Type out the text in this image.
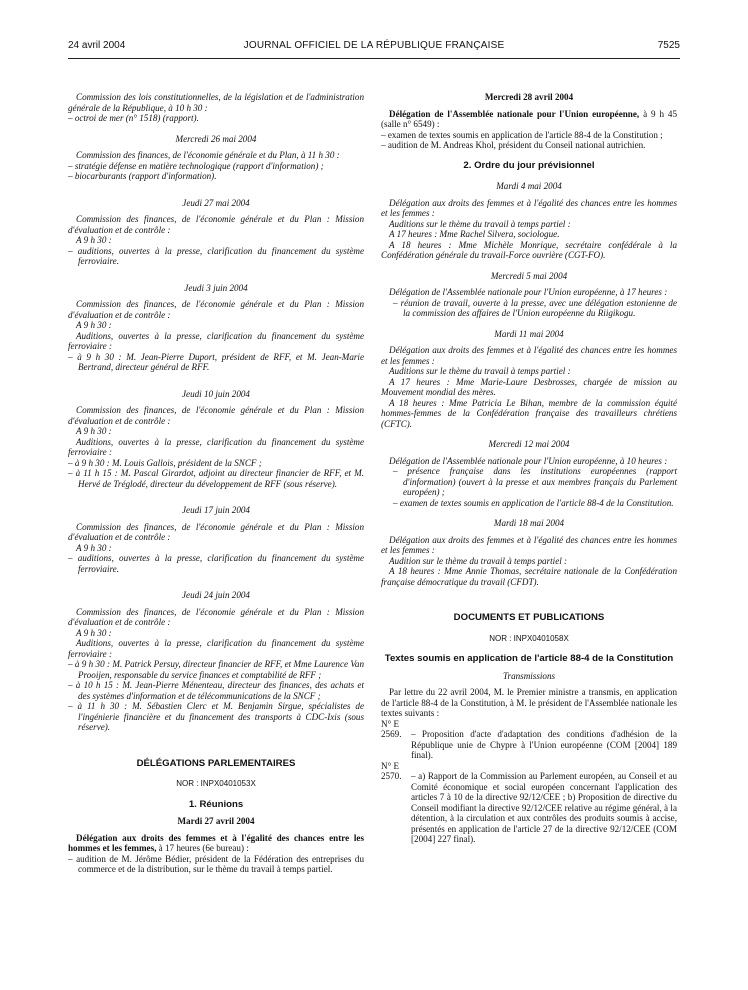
24 avril 2004	JOURNAL OFFICIEL DE LA RÉPUBLIQUE FRANÇAISE	7525

Commission des lois constitutionnelles, de la législation et de l'administration générale de la République, à 10 h 30 :

– octroi de mer (n° 1518) (rapport).

Mercredi 26 mai 2004

Commission des finances, de l'économie générale et du Plan, à 11 h 30 :

– stratégie défense en matière technologique (rapport d'information) ;

– biocarburants (rapport d'information).

Jeudi 27 mai 2004

Commission des finances, de l'économie générale et du Plan : Mission d'évaluation et de contrôle :

A 9 h 30 :

– auditions, ouvertes à la presse, clarification du financement du système ferroviaire.

Jeudi 3 juin 2004

Commission des finances, de l'économie générale et du Plan : Mission d'évaluation et de contrôle :

A 9 h 30 :

Auditions, ouvertes à la presse, clarification du financement du système ferroviaire :

– à 9 h 30 : M. Jean-Pierre Duport, président de RFF, et M. Jean-Marie Bertrand, directeur général de RFF.

Jeudi 10 juin 2004

Commission des finances, de l'économie générale et du Plan : Mission d'évaluation et de contrôle :

A 9 h 30 :

Auditions, ouvertes à la presse, clarification du financement du système ferroviaire :

– à 9 h 30 : M. Louis Gallois, président de la SNCF ;

– à 11 h 15 : M. Pascal Girardot, adjoint au directeur financier de RFF, et M. Hervé de Tréglodé, directeur du développement de RFF (sous réserve).

Jeudi 17 juin 2004

Commission des finances, de l'économie générale et du Plan : Mission d'évaluation et de contrôle :

A 9 h 30 :

– auditions, ouvertes à la presse, clarification du financement du système ferroviaire.

Jeudi 24 juin 2004

Commission des finances, de l'économie générale et du Plan : Mission d'évaluation et de contrôle :

A 9 h 30 :

Auditions, ouvertes à la presse, clarification du financement du système ferroviaire :

– à 9 h 30 : M. Patrick Persuy, directeur financier de RFF, et Mme Laurence Van Prooijen, responsable du service finances et comptabilité de RFF ;

– à 10 h 15 : M. Jean-Pierre Ménenteau, directeur des finances, des achats et des systèmes d'information et de télécommunications de la SNCF ;

– à 11 h 30 : M. Sébastien Clerc et M. Benjamin Sirgue, spécialistes de l'ingénierie financière et du financement des transports à CDC-Ixis (sous réserve).

DÉLÉGATIONS PARLEMENTAIRES

NOR : INPX0401053X

1. Réunions

Mardi 27 avril 2004

Délégation aux droits des femmes et à l'égalité des chances entre les hommes et les femmes, à 17 heures (6e bureau) :

– audition de M. Jérôme Bédier, président de la Fédération des entreprises du commerce et de la distribution, sur le thème du travail à temps partiel.

Mercredi 28 avril 2004

Délégation de l'Assemblée nationale pour l'Union européenne, à 9 h 45 (salle n° 6549) :

– examen de textes soumis en application de l'article 88-4 de la Constitution ;

– audition de M. Andreas Khol, président du Conseil national autrichien.

2. Ordre du jour prévisionnel

Mardi 4 mai 2004

Délégation aux droits des femmes et à l'égalité des chances entre les hommes et les femmes :

Auditions sur le thème du travail à temps partiel :

A 17 heures : Mme Rachel Silvera, sociologue.

A 18 heures : Mme Michèle Monrique, secrétaire confédérale à la Confédération générale du travail-Force ouvrière (CGT-FO).

Mercredi 5 mai 2004

Délégation de l'Assemblée nationale pour l'Union européenne, à 17 heures :

– réunion de travail, ouverte à la presse, avec une délégation estonienne de la commission des affaires de l'Union européenne du Riigikogu.

Mardi 11 mai 2004

Délégation aux droits des femmes et à l'égalité des chances entre les hommes et les femmes :

Auditions sur le thème du travail à temps partiel :

A 17 heures : Mme Marie-Laure Desbrosses, chargée de mission au Mouvement mondial des mères.

A 18 heures : Mme Patricia Le Bihan, membre de la commission équité hommes-femmes de la Confédération française des travailleurs chrétiens (CFTC).

Mercredi 12 mai 2004

Délégation de l'Assemblée nationale pour l'Union européenne, à 10 heures :

– présence française dans les institutions européennes (rapport d'information) (ouvert à la presse et aux membres français du Parlement européen) ;

– examen de textes soumis en application de l'article 88-4 de la Constitution.

Mardi 18 mai 2004

Délégation aux droits des femmes et à l'égalité des chances entre les hommes et les femmes :

Audition sur le thème du travail à temps partiel :

A 18 heures : Mme Annie Thomas, secrétaire nationale de la Confédération française démocratique du travail (CFDT).

DOCUMENTS ET PUBLICATIONS

NOR : INPX0401058X

Textes soumis en application de l'article 88-4 de la Constitution

Transmissions

Par lettre du 22 avril 2004, M. le Premier ministre a transmis, en application de l'article 88-4 de la Constitution, à M. le président de l'Assemblée nationale les textes suivants :

N° E 2569.	– Proposition d'acte d'adaptation des conditions d'adhésion de la République unie de Chypre à l'Union européenne (COM [2004] 189 final).

N° E 2570.	– a) Rapport de la Commission au Parlement européen, au Conseil et au Comité économique et social européen concernant l'application des articles 7 à 10 de la directive 92/12/CEE ; b) Proposition de directive du Conseil modifiant la directive 92/12/CEE relative au régime général, à la détention, à la circulation et aux contrôles des produits soumis à accise, présentés en application de l'article 27 de la directive 92/12/CEE (COM [2004] 227 final).
